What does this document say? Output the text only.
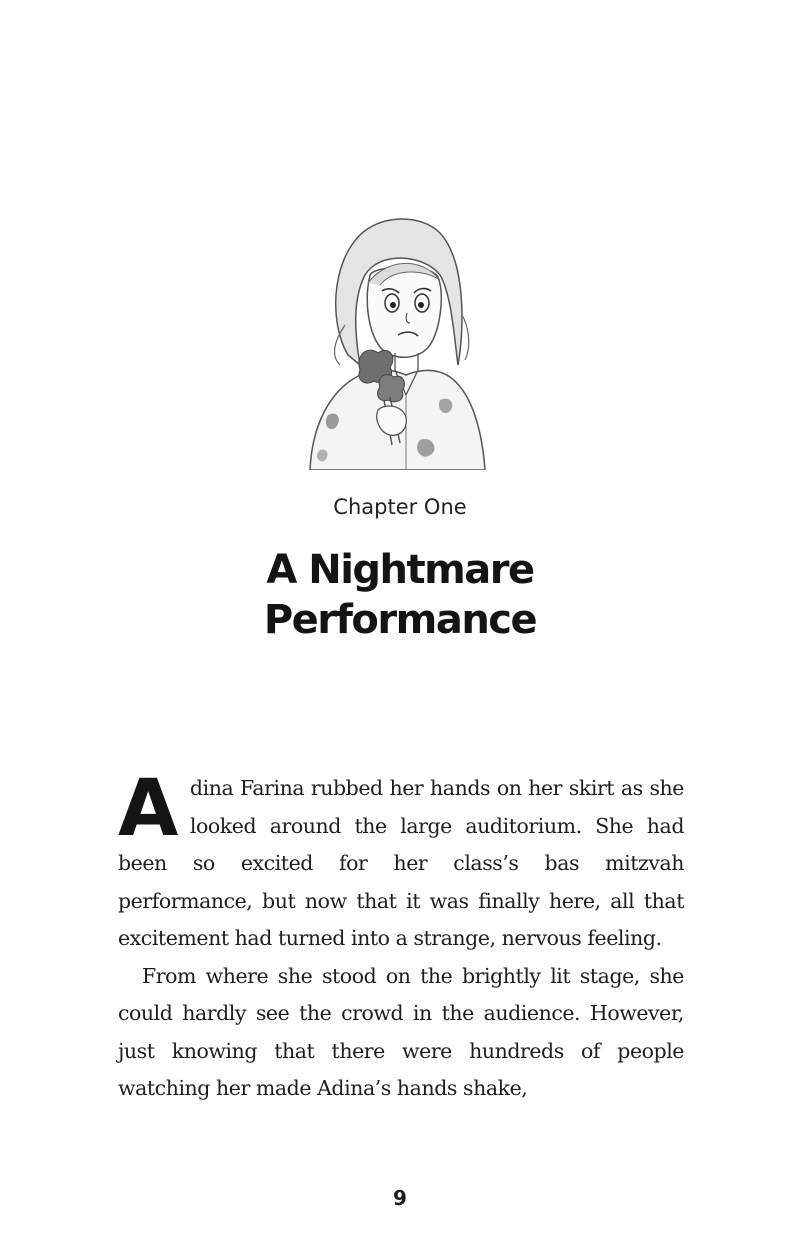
Chapter One
A Nightmare
Performance

Adina Farina rubbed her hands on her skirt as she looked around the large auditorium. She had been so excited for her class’s bas mitzvah performance, but now that it was finally here, all that excitement had turned into a strange, nervous feeling.

From where she stood on the brightly lit stage, she could hardly see the crowd in the audience. However, just knowing that there were hundreds of people watching her made Adina’s hands shake,

9
